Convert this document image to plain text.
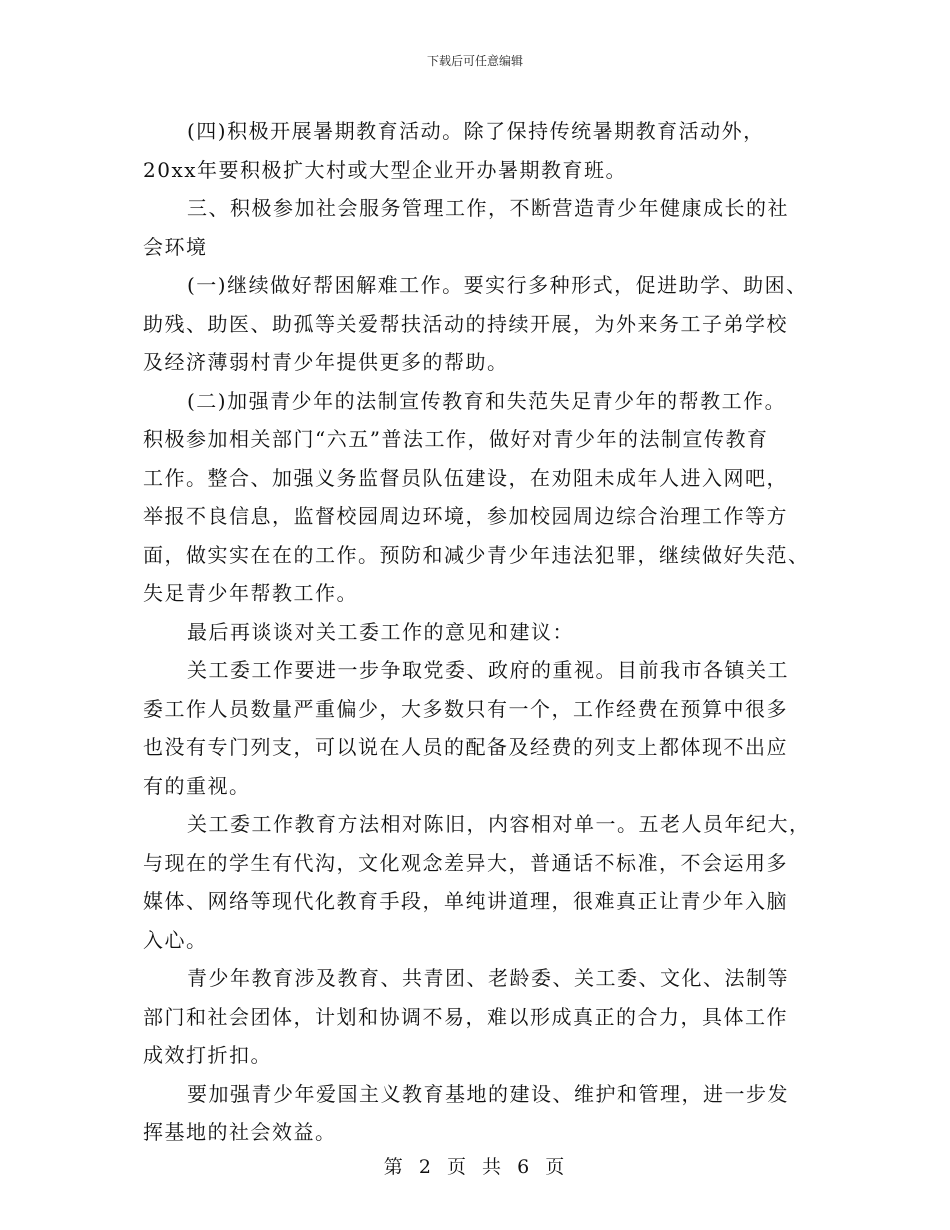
下载后可任意编辑
(四)积极开展暑期教育活动。除了保持传统暑期教育活动外，
20xx年要积极扩大村或大型企业开办暑期教育班。
三、积极参加社会服务管理工作，不断营造青少年健康成长的社
会环境
(一)继续做好帮困解难工作。要实行多种形式，促进助学、助困、
助残、助医、助孤等关爱帮扶活动的持续开展，为外来务工子弟学校
及经济薄弱村青少年提供更多的帮助。
(二)加强青少年的法制宣传教育和失范失足青少年的帮教工作。
积极参加相关部门“六五”普法工作，做好对青少年的法制宣传教育
工作。整合、加强义务监督员队伍建设，在劝阻未成年人进入网吧，
举报不良信息，监督校园周边环境，参加校园周边综合治理工作等方
面，做实实在在的工作。预防和减少青少年违法犯罪，继续做好失范、
失足青少年帮教工作。
最后再谈谈对关工委工作的意见和建议：
关工委工作要进一步争取党委、政府的重视。目前我市各镇关工
委工作人员数量严重偏少，大多数只有一个，工作经费在预算中很多
也没有专门列支，可以说在人员的配备及经费的列支上都体现不出应
有的重视。
关工委工作教育方法相对陈旧，内容相对单一。五老人员年纪大，
与现在的学生有代沟，文化观念差异大，普通话不标准，不会运用多
媒体、网络等现代化教育手段，单纯讲道理，很难真正让青少年入脑
入心。
青少年教育涉及教育、共青团、老龄委、关工委、文化、法制等
部门和社会团体，计划和协调不易，难以形成真正的合力，具体工作
成效打折扣。
要加强青少年爱国主义教育基地的建设、维护和管理，进一步发
挥基地的社会效益。
第 2 页 共 6 页
